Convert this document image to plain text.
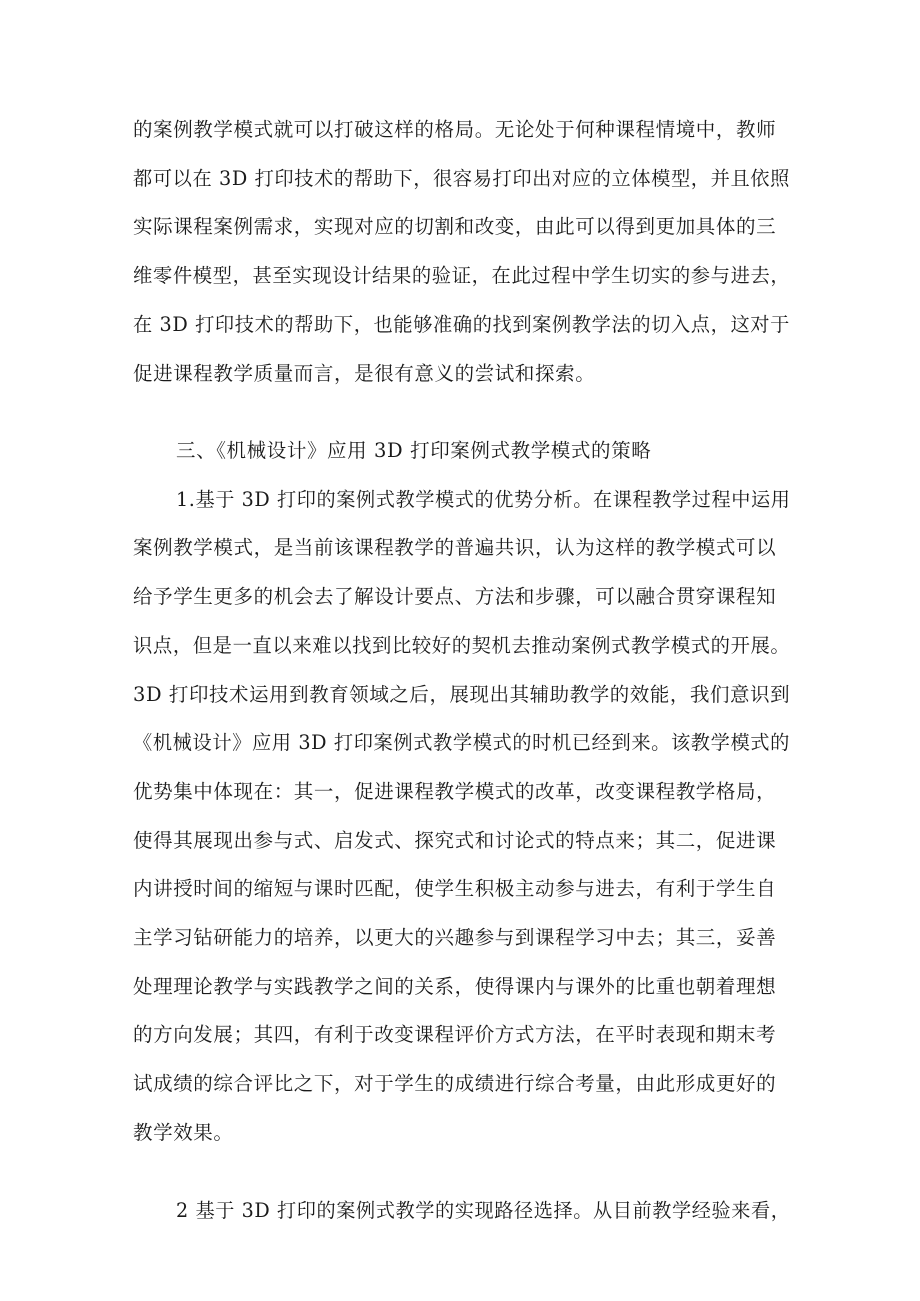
的案例教学模式就可以打破这样的格局。无论处于何种课程情境中，教师
都可以在 3D 打印技术的帮助下，很容易打印出对应的立体模型，并且依照
实际课程案例需求，实现对应的切割和改变，由此可以得到更加具体的三
维零件模型，甚至实现设计结果的验证，在此过程中学生切实的参与进去，
在 3D 打印技术的帮助下，也能够准确的找到案例教学法的切入点，这对于
促进课程教学质量而言，是很有意义的尝试和探索。
三、《机械设计》应用 3D 打印案例式教学模式的策略
1.基于 3D 打印的案例式教学模式的优势分析。在课程教学过程中运用
案例教学模式，是当前该课程教学的普遍共识，认为这样的教学模式可以
给予学生更多的机会去了解设计要点、方法和步骤，可以融合贯穿课程知
识点，但是一直以来难以找到比较好的契机去推动案例式教学模式的开展。
3D 打印技术运用到教育领域之后，展现出其辅助教学的效能，我们意识到
《机械设计》应用 3D 打印案例式教学模式的时机已经到来。该教学模式的
优势集中体现在：其一，促进课程教学模式的改革，改变课程教学格局，
使得其展现出参与式、启发式、探究式和讨论式的特点来；其二，促进课
内讲授时间的缩短与课时匹配，使学生积极主动参与进去，有利于学生自
主学习钻研能力的培养，以更大的兴趣参与到课程学习中去；其三，妥善
处理理论教学与实践教学之间的关系，使得课内与课外的比重也朝着理想
的方向发展；其四，有利于改变课程评价方式方法，在平时表现和期末考
试成绩的综合评比之下，对于学生的成绩进行综合考量，由此形成更好的
教学效果。
2 基于 3D 打印的案例式教学的实现路径选择。从目前教学经验来看，
